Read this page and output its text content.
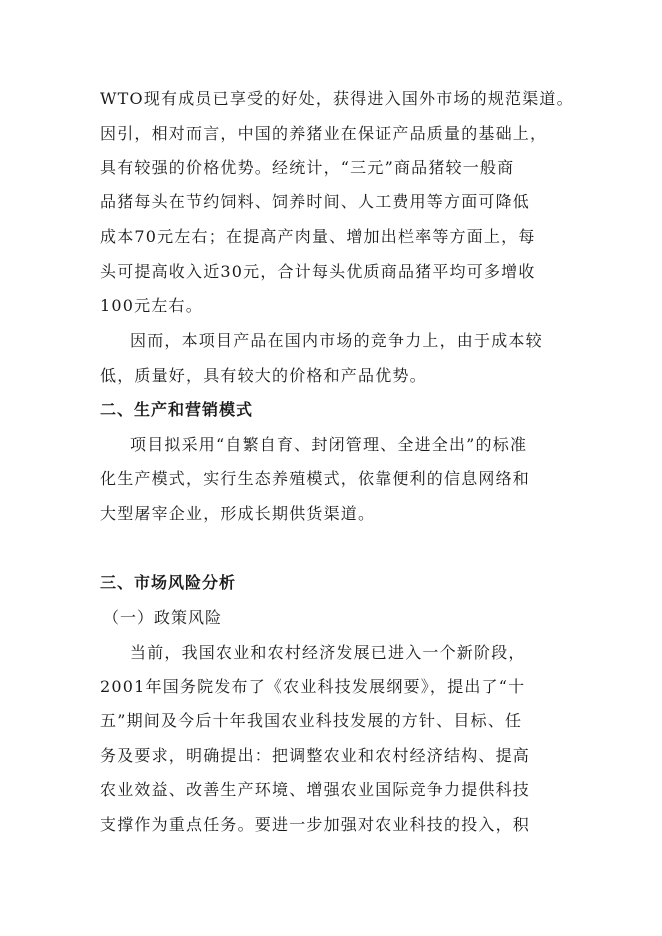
WTO现有成员已享受的好处，获得进入国外市场的规范渠道。
因引，相对而言，中国的养猪业在保证产品质量的基础上，
具有较强的价格优势。经统计，“三元”商品猪较一般商
品猪每头在节约饲料、饲养时间、人工费用等方面可降低
成本70元左右；在提高产肉量、增加出栏率等方面上，每
头可提高收入近30元，合计每头优质商品猪平均可多增收
100元左右。
因而，本项目产品在国内市场的竞争力上，由于成本较
低，质量好，具有较大的价格和产品优势。
二、生产和营销模式
项目拟采用“自繁自育、封闭管理、全进全出”的标准
化生产模式，实行生态养殖模式，依靠便利的信息网络和
大型屠宰企业，形成长期供货渠道。
三、市场风险分析
（一）政策风险
当前，我国农业和农村经济发展已进入一个新阶段，
2001年国务院发布了《农业科技发展纲要》，提出了“十
五”期间及今后十年我国农业科技发展的方针、目标、任
务及要求，明确提出：把调整农业和农村经济结构、提高
农业效益、改善生产环境、增强农业国际竞争力提供科技
支撑作为重点任务。要进一步加强对农业科技的投入，积
